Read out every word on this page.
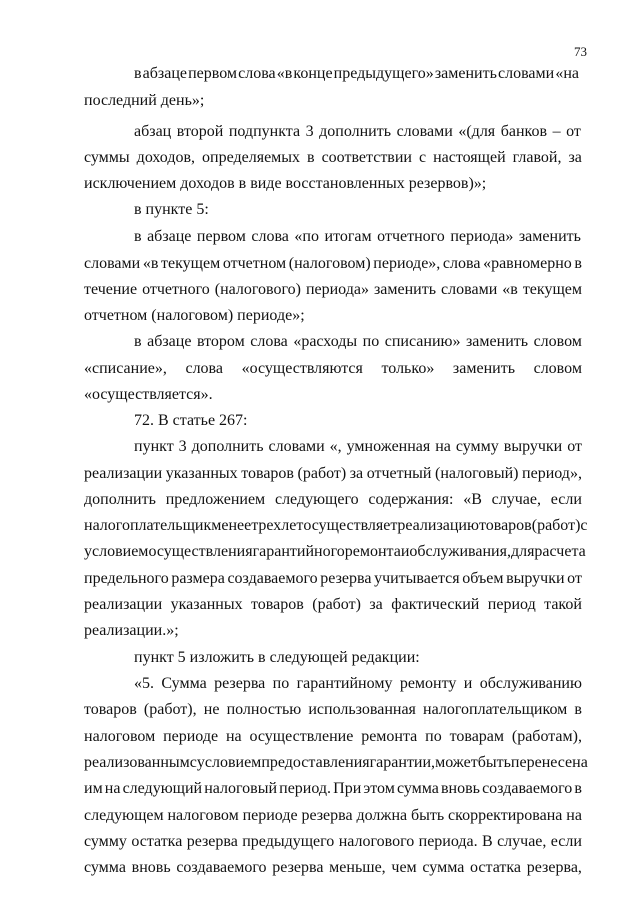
73
в абзаце первом слова «в конце предыдущего» заменить словами «на
последний день»;
абзац второй подпункта 3 дополнить словами «(для банков – от
суммы доходов, определяемых в соответствии с настоящей главой, за
исключением доходов в виде восстановленных резервов)»;
в пункте 5:
в абзаце первом слова «по итогам отчетного периода» заменить
словами «в текущем отчетном (налоговом) периоде», слова «равномерно в
течение отчетного (налогового) периода» заменить словами «в текущем
отчетном (налоговом) периоде»;
в абзаце втором слова «расходы по списанию» заменить словом
«списание», слова «осуществляются только» заменить словом
«осуществляется».
72. В статье 267:
пункт 3 дополнить словами «, умноженная на сумму выручки от
реализации указанных товаров (работ) за отчетный (налоговый) период»,
дополнить предложением следующего содержания: «В случае, если
налогоплательщик менее трех лет осуществляет реализацию товаров (работ) с
условием осуществления гарантийного ремонта и обслуживания, для расчета
предельного размера создаваемого резерва учитывается объем выручки от
реализации указанных товаров (работ) за фактический период такой
реализации.»;
пункт 5 изложить в следующей редакции:
«5. Сумма резерва по гарантийному ремонту и обслуживанию
товаров (работ), не полностью использованная налогоплательщиком в
налоговом периоде на осуществление ремонта по товарам (работам),
реализованным с условием предоставления гарантии, может быть перенесена
им на следующий налоговый период. При этом сумма вновь создаваемого в
следующем налоговом периоде резерва должна быть скорректирована на
сумму остатка резерва предыдущего налогового периода. В случае, если
сумма вновь создаваемого резерва меньше, чем сумма остатка резерва,
